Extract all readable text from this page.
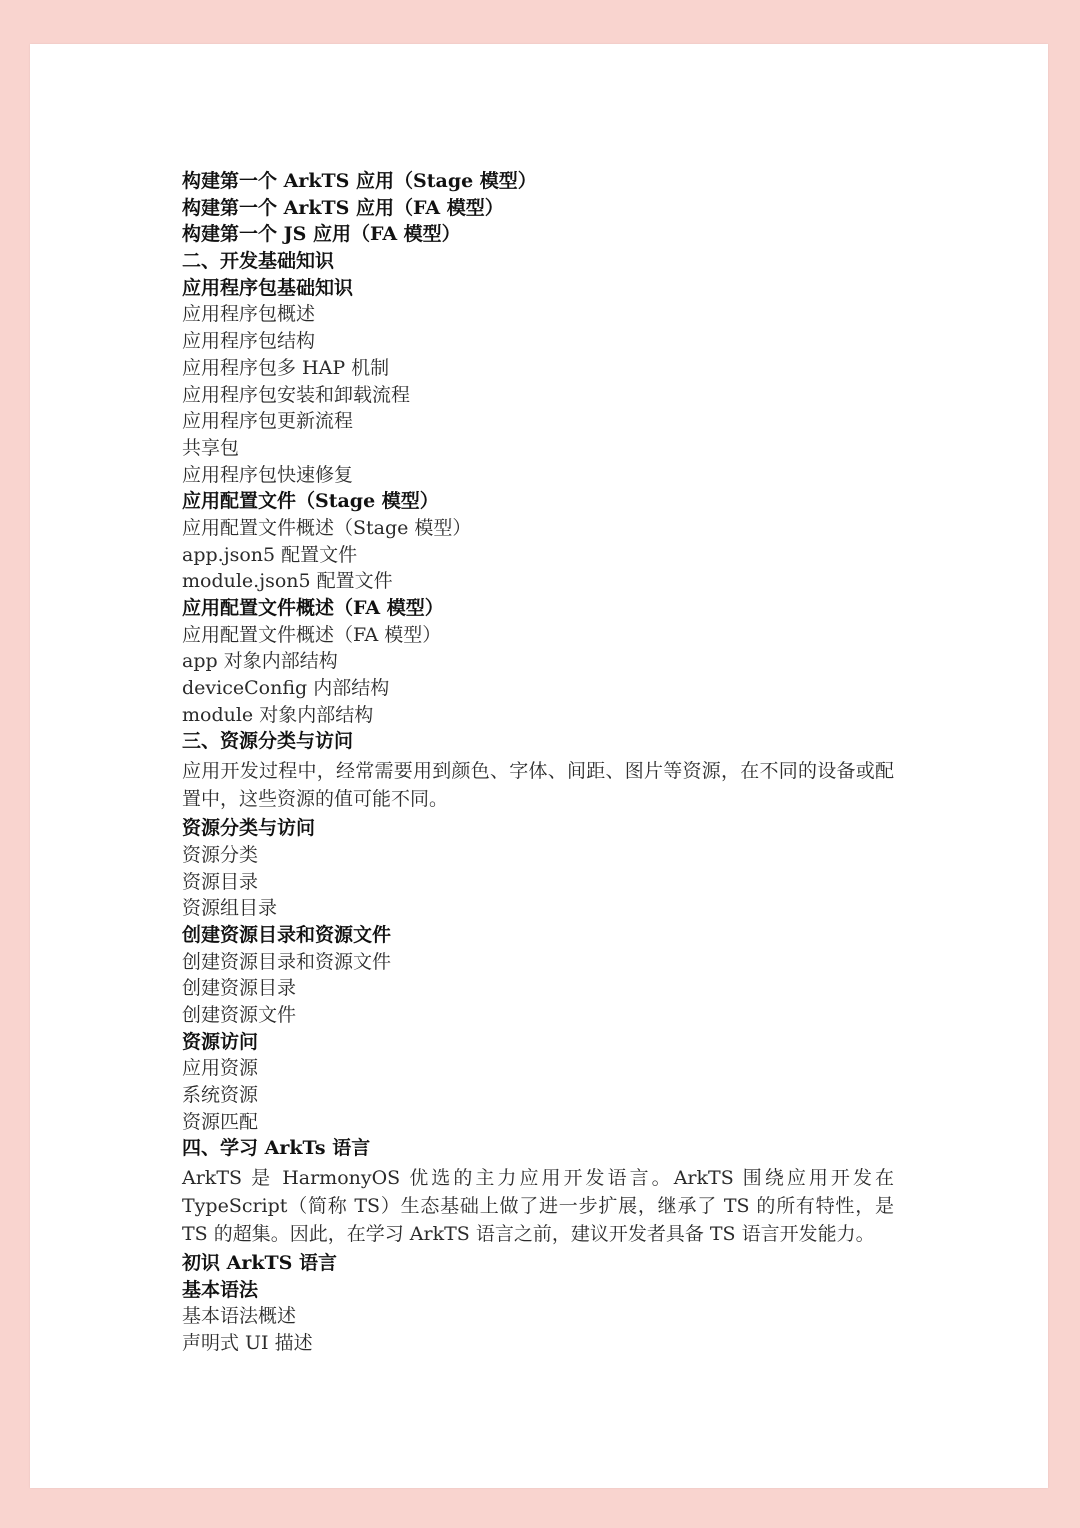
构建第一个 ArkTS 应用（Stage 模型）
构建第一个 ArkTS 应用（FA 模型）
构建第一个 JS 应用（FA 模型）
二、开发基础知识
应用程序包基础知识
应用程序包概述
应用程序包结构
应用程序包多 HAP 机制
应用程序包安装和卸载流程
应用程序包更新流程
共享包
应用程序包快速修复
应用配置文件（Stage 模型）
应用配置文件概述（Stage 模型）
app.json5 配置文件
module.json5 配置文件
应用配置文件概述（FA 模型）
应用配置文件概述（FA 模型）
app 对象内部结构
deviceConfig 内部结构
module 对象内部结构
三、资源分类与访问
应用开发过程中，经常需要用到颜色、字体、间距、图片等资源，在不同的设备或配置中，这些资源的值可能不同。
资源分类与访问
资源分类
资源目录
资源组目录
创建资源目录和资源文件
创建资源目录和资源文件
创建资源目录
创建资源文件
资源访问
应用资源
系统资源
资源匹配
四、学习 ArkTs 语言
ArkTS 是 HarmonyOS 优选的主力应用开发语言。ArkTS 围绕应用开发在 TypeScript（简称 TS）生态基础上做了进一步扩展，继承了 TS 的所有特性，是 TS 的超集。因此，在学习 ArkTS 语言之前，建议开发者具备 TS 语言开发能力。
初识 ArkTS 语言
基本语法
基本语法概述
声明式 UI 描述
